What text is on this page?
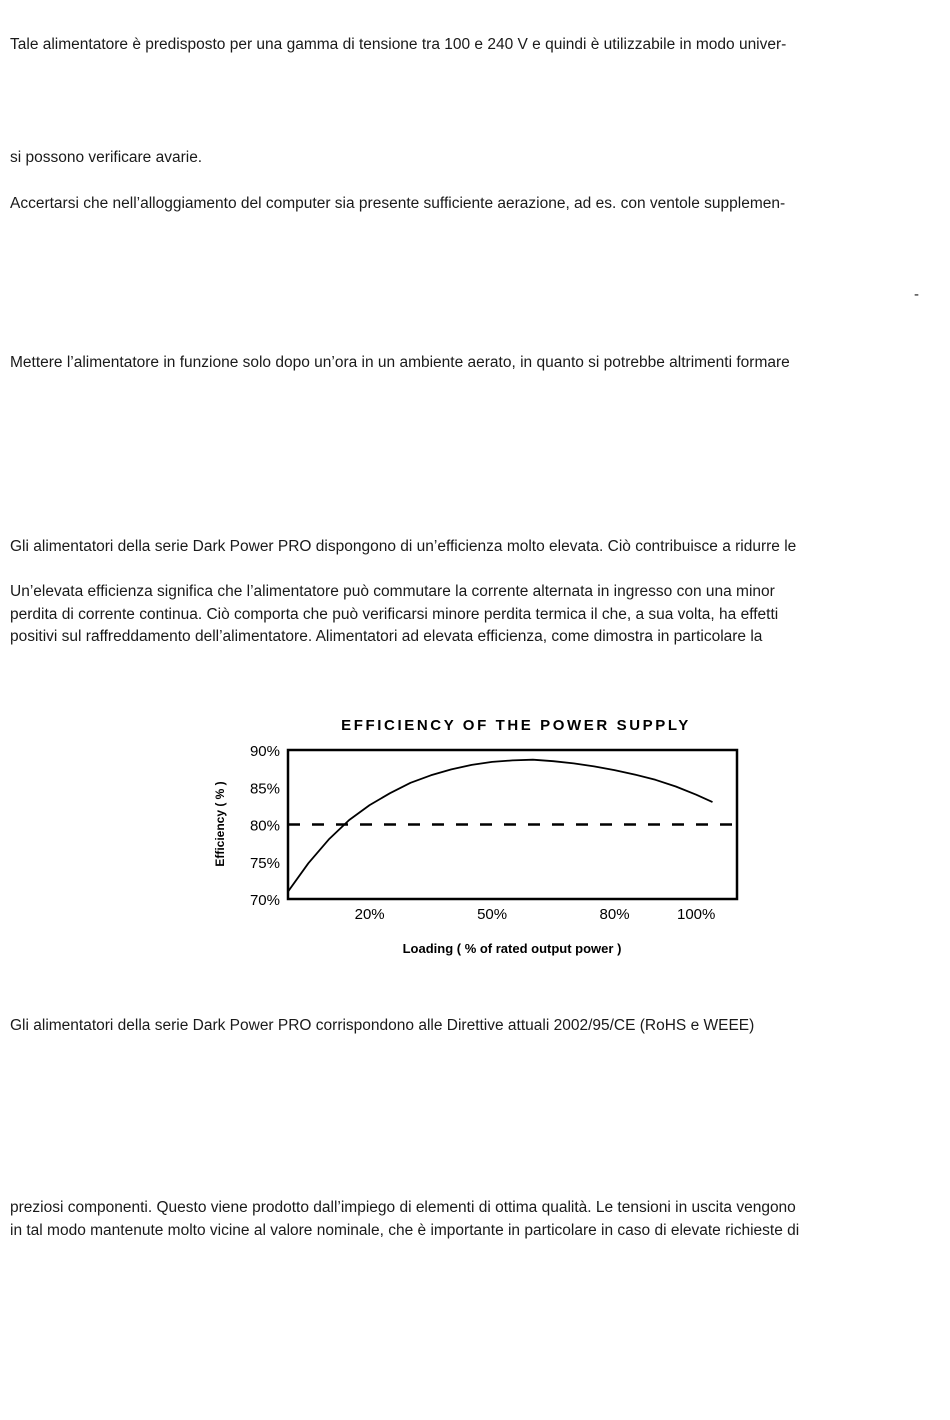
Tale alimentatore è predisposto per una gamma di tensione tra 100 e 240 V e quindi è utilizzabile in modo univer-

si possono verificare avarie.

Accertarsi che nell’alloggiamento del computer sia presente sufficiente aerazione, ad es. con ventole supplemen-

-

Mettere l’alimentatore in funzione solo dopo un’ora in un ambiente aerato, in quanto si potrebbe altrimenti formare

Gli alimentatori della serie Dark Power PRO dispongono di un’efficienza molto elevata. Ciò contribuisce a ridurre le

Un’elevata efficienza significa che l’alimentatore può commutare la corrente alternata in ingresso con una minor
perdita di corrente continua. Ciò comporta che può verificarsi minore perdita termica il che, a sua volta, ha effetti
positivi sul raffreddamento dell’alimentatore. Alimentatori ad elevata efficienza, come dimostra in particolare la

EFFICIENCY OF THE POWER SUPPLY
Efficiency ( % )
Loading ( % of rated output power )
70%
75%
80%
85%
90%
20%	50%	80%	100%

Gli alimentatori della serie Dark Power PRO corrispondono alle Direttive attuali 2002/95/CE (RoHS e WEEE)

preziosi componenti. Questo viene prodotto dall’impiego di elementi di ottima qualità. Le tensioni in uscita vengono
in tal modo mantenute molto vicine al valore nominale, che è importante in particolare in caso di elevate richieste di
